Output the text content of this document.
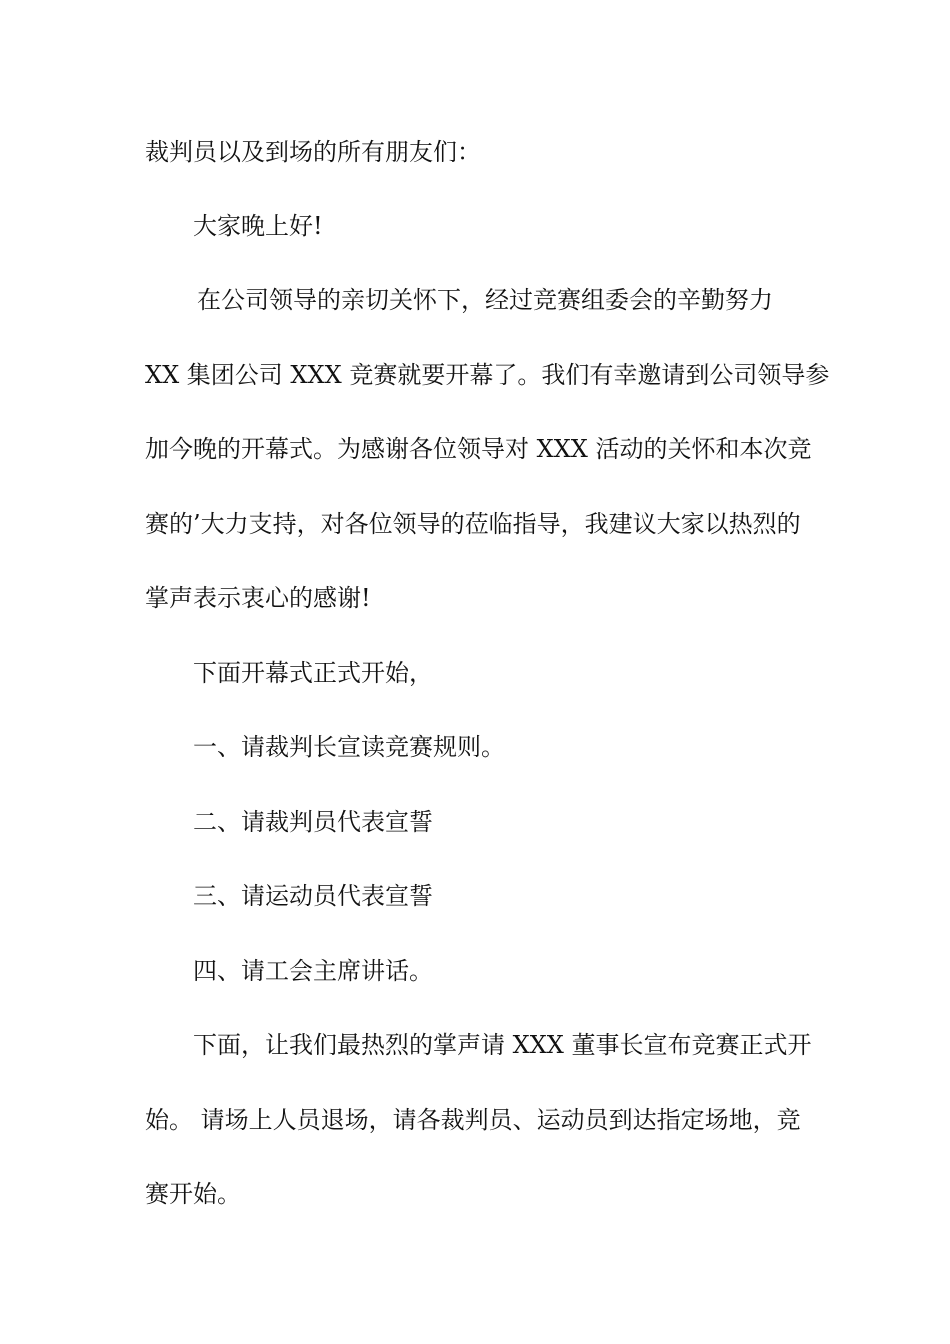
裁判员以及到场的所有朋友们：

大家晚上好!

在公司领导的亲切关怀下，经过竞赛组委会的辛勤努力

XX 集团公司 XXX 竞赛就要开幕了。我们有幸邀请到公司领导参

加今晚的开幕式。为感谢各位领导对 XXX 活动的关怀和本次竞

赛的’大力支持，对各位领导的莅临指导，我建议大家以热烈的

掌声表示衷心的感谢!

下面开幕式正式开始，

一、请裁判长宣读竞赛规则。

二、请裁判员代表宣誓

三、请运动员代表宣誓

四、请工会主席讲话。

下面，让我们最热烈的掌声请 XXX 董事长宣布竞赛正式开

始。 请场上人员退场，请各裁判员、运动员到达指定场地，竞

赛开始。
